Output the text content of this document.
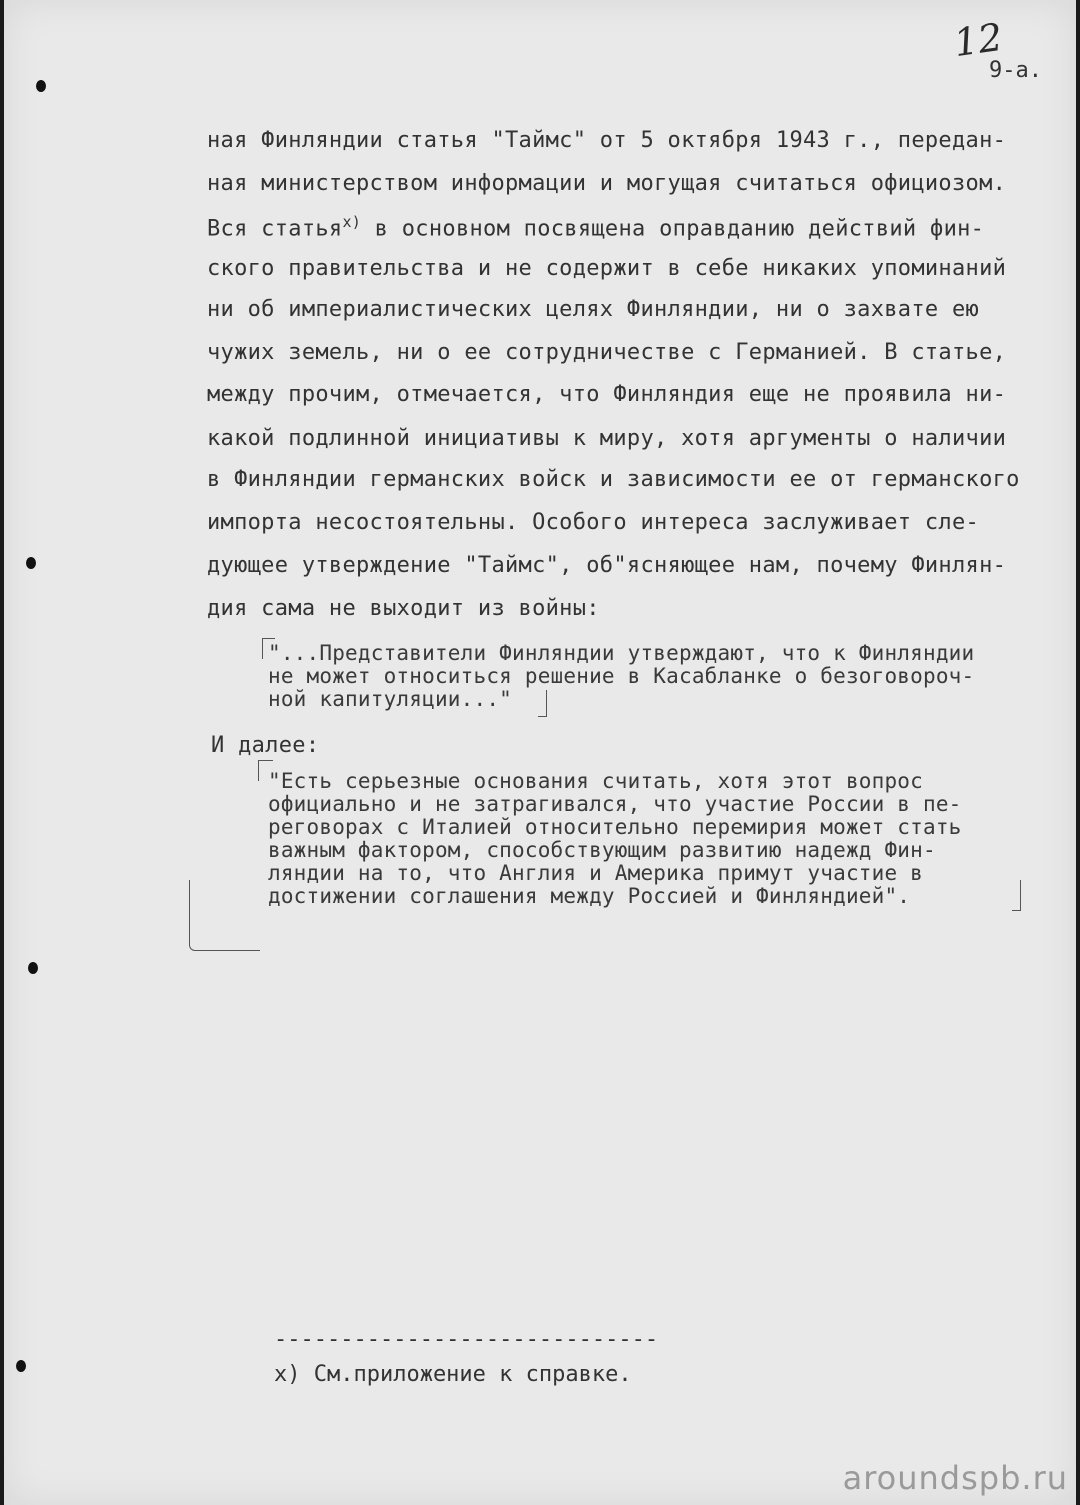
12
9-а.
ная Финляндии статья "Таймс" от 5 октября 1943 г., передан-
ная министерством информации и могущая считаться официозом.
Вся статья$^{х)}$ в основном посвящена оправданию действий фин-
ского правительства и не содержит в себе никаких упоминаний
ни об империалистических целях Финляндии, ни о захвате ею
чужих земель, ни о ее сотрудничестве с Германией. В статье,
между прочим, отмечается, что Финляндия еще не проявила ни-
какой подлинной инициативы к миру, хотя аргументы о наличии
в Финляндии германских войск и зависимости ее от германского
импорта несостоятельны. Особого интереса заслуживает сле-
дующее утверждение "Таймс", об"ясняющее нам, почему Финлян-
дия сама не выходит из войны:
"...Представители Финляндии утверждают, что к Финляндии
не может относиться решение в Касабланке о безоговороч-
ной капитуляции..."
И далее:
"Есть серьезные основания считать, хотя этот вопрос
официально и не затрагивался, что участие России в пе-
реговорах с Италией относительно перемирия может стать
важным фактором, способствующим развитию надежд Фин-
ляндии на то, что Англия и Америка примут участие в
достижении соглашения между Россией и Финляндией".
-----------------------------
х) См.приложение к справке.
aroundspb.ru
